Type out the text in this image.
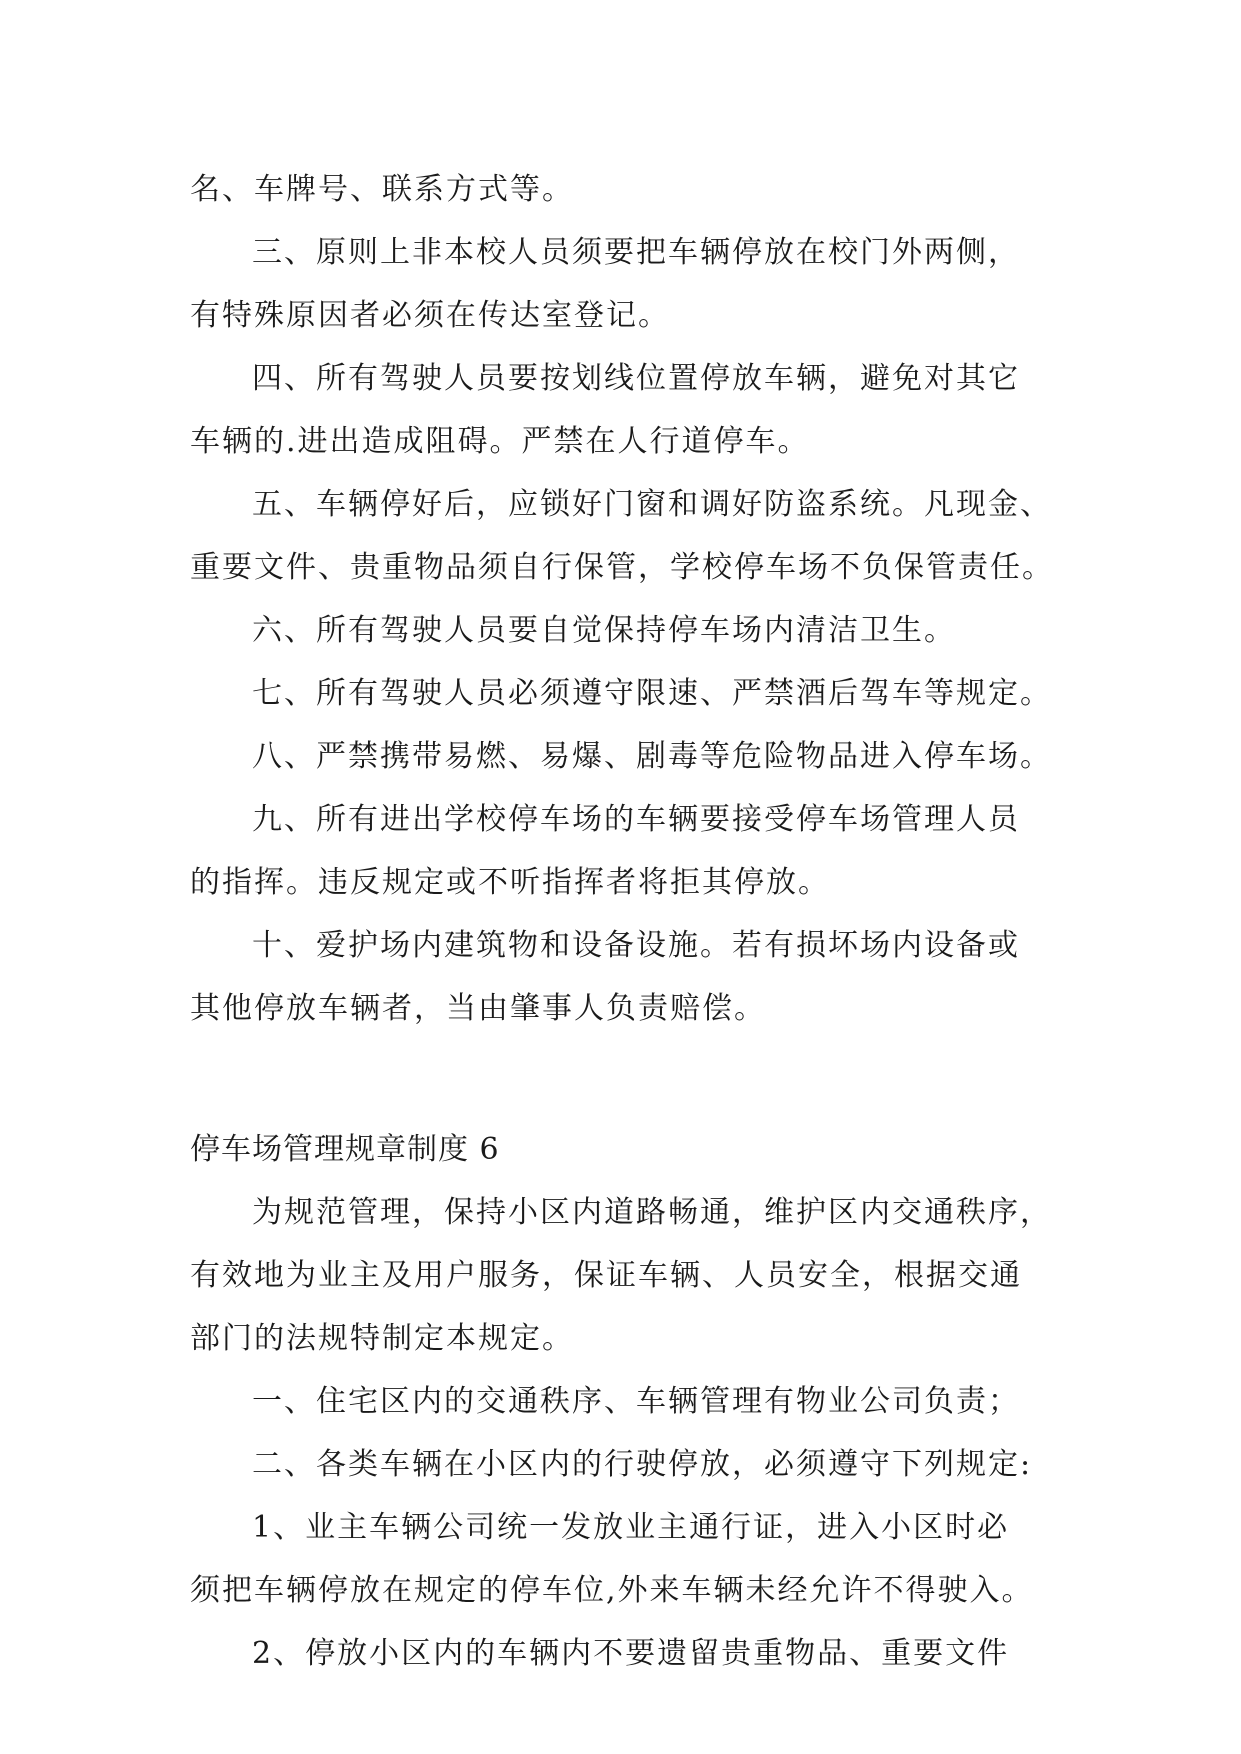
名、车牌号、联系方式等。
三、原则上非本校人员须要把车辆停放在校门外两侧，
有特殊原因者必须在传达室登记。
四、所有驾驶人员要按划线位置停放车辆，避免对其它
车辆的.进出造成阻碍。严禁在人行道停车。
五、车辆停好后，应锁好门窗和调好防盗系统。凡现金、
重要文件、贵重物品须自行保管，学校停车场不负保管责任。
六、所有驾驶人员要自觉保持停车场内清洁卫生。
七、所有驾驶人员必须遵守限速、严禁酒后驾车等规定。
八、严禁携带易燃、易爆、剧毒等危险物品进入停车场。
九、所有进出学校停车场的车辆要接受停车场管理人员
的指挥。违反规定或不听指挥者将拒其停放。
十、爱护场内建筑物和设备设施。若有损坏场内设备或
其他停放车辆者，当由肇事人负责赔偿。
停车场管理规章制度 6
为规范管理，保持小区内道路畅通，维护区内交通秩序，
有效地为业主及用户服务，保证车辆、人员安全，根据交通
部门的法规特制定本规定。
一、住宅区内的交通秩序、车辆管理有物业公司负责；
二、各类车辆在小区内的行驶停放，必须遵守下列规定:
1、业主车辆公司统一发放业主通行证，进入小区时必
须把车辆停放在规定的停车位,外来车辆未经允许不得驶入。
2、停放小区内的车辆内不要遗留贵重物品、重要文件
